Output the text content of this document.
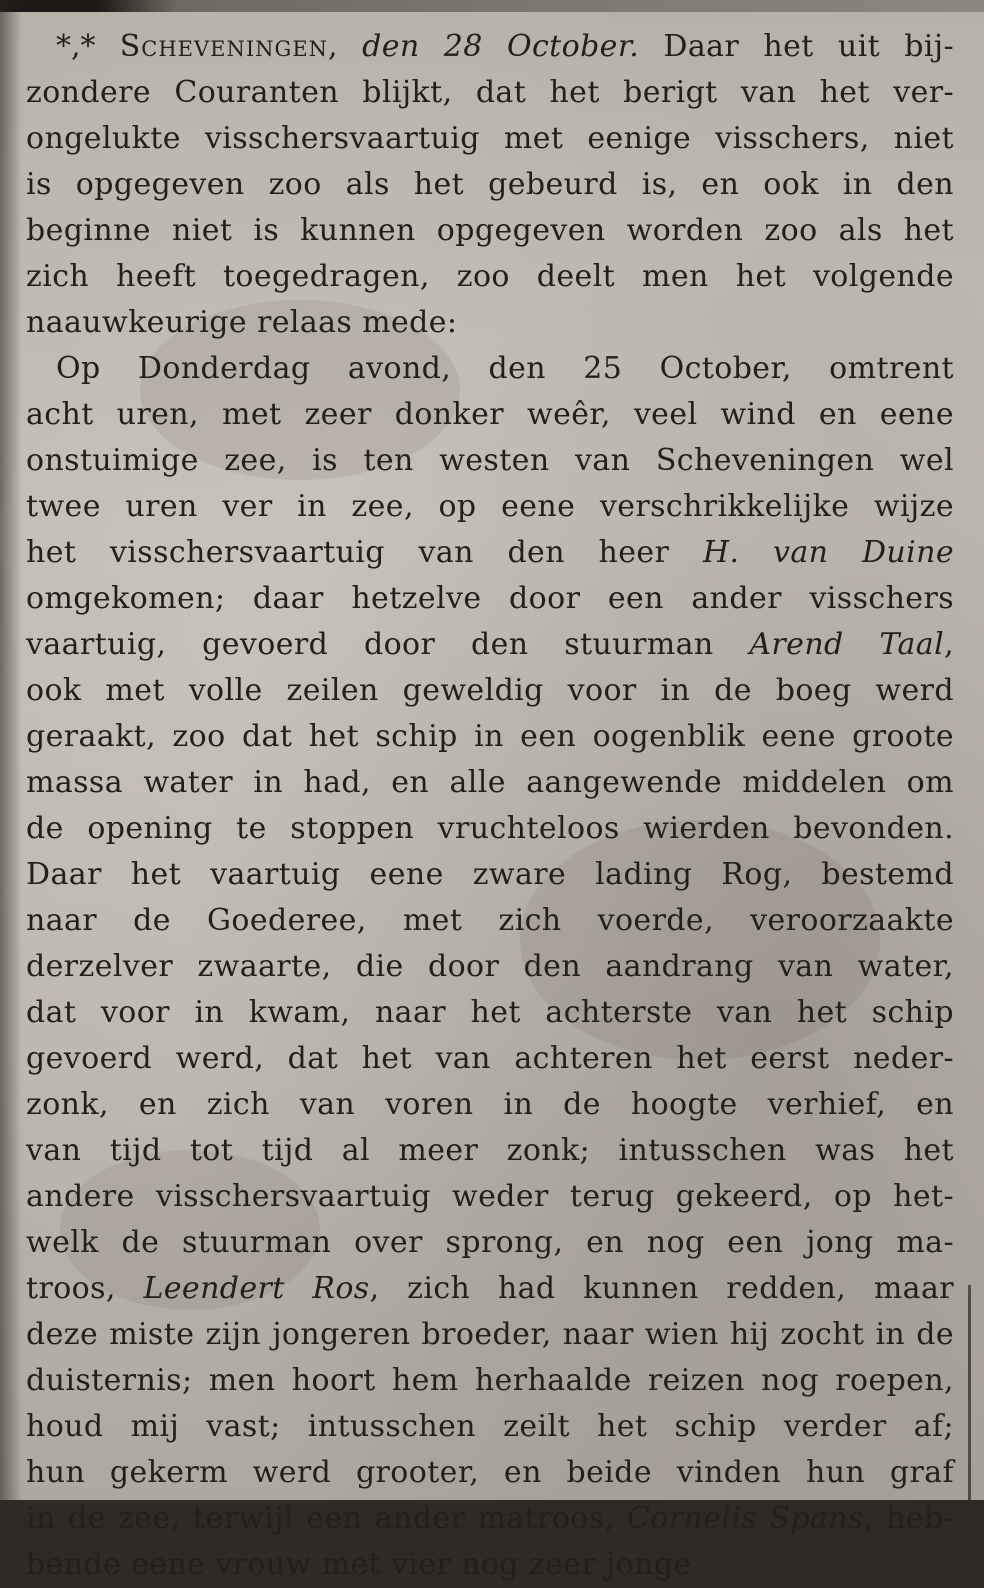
*,* Scheveningen, den 28 October. Daar het uit bij-
zondere Couranten blijkt, dat het berigt van het ver-
ongelukte visschersvaartuig met eenige visschers, niet
is opgegeven zoo als het gebeurd is, en ook in den
beginne niet is kunnen opgegeven worden zoo als het
zich heeft toegedragen, zoo deelt men het volgende
naauwkeurige relaas mede:
Op Donderdag avond, den 25 October, omtrent
acht uren, met zeer donker weêr, veel wind en eene
onstuimige zee, is ten westen van Scheveningen wel
twee uren ver in zee, op eene verschrikkelijke wijze
het visschersvaartuig van den heer H. van Duine
omgekomen; daar hetzelve door een ander visschers
vaartuig, gevoerd door den stuurman Arend Taal,
ook met volle zeilen geweldig voor in de boeg werd
geraakt, zoo dat het schip in een oogenblik eene groote
massa water in had, en alle aangewende middelen om
de opening te stoppen vruchteloos wierden bevonden.
Daar het vaartuig eene zware lading Rog, bestemd
naar de Goederee, met zich voerde, veroorzaakte
derzelver zwaarte, die door den aandrang van water,
dat voor in kwam, naar het achterste van het schip
gevoerd werd, dat het van achteren het eerst neder-
zonk, en zich van voren in de hoogte verhief, en
van tijd tot tijd al meer zonk; intusschen was het
andere visschersvaartuig weder terug gekeerd, op het-
welk de stuurman over sprong, en nog een jong ma-
troos, Leendert Ros, zich had kunnen redden, maar
deze miste zijn jongeren broeder, naar wien hij zocht in de
duisternis; men hoort hem herhaalde reizen nog roepen,
houd mij vast; intusschen zeilt het schip verder af;
hun gekerm werd grooter, en beide vinden hun graf
in de zee, terwijl een ander matroos, Cornelis Spans, heb-
bende eene vrouw met vier nog zeer jonge
